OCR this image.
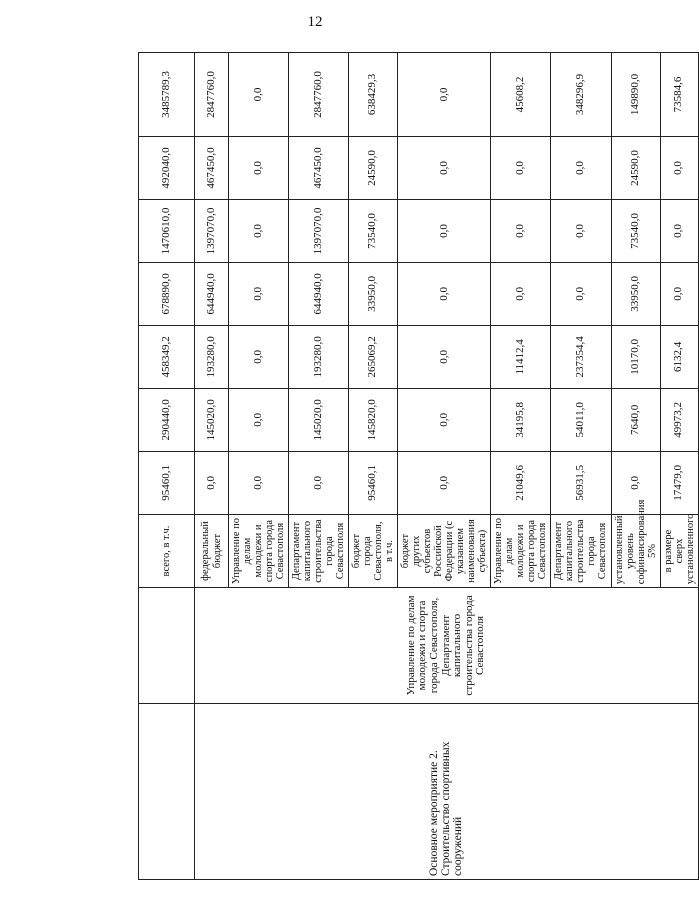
12
		всего, в т.ч.	95460,1	290440,0	458349,2	678890,0	1470610,0	492040,0	3485789,3
Основное мероприятие 2. Строительство спортивных сооружений	Управление по делам молодежи и спорта города Севастополя, Департамент капитального строительства города Севастополя	федеральный бюджет	0,0	145020,0	193280,0	644940,0	1397070,0	467450,0	2847760,0
		Управление по делам молодежи и спорта города Севастополя	0,0	0,0	0,0	0,0	0,0	0,0	0,0
		Департамент капитального строительства города Севастополя	0,0	145020,0	193280,0	644940,0	1397070,0	467450,0	2847760,0
		бюджет города Севастополя, в т.ч.	95460,1	145820,0	265069,2	33950,0	73540,0	24590,0	638429,3
		бюджет других субъектов Российской Федерации (с указанием наименования субъекта)	0,0	0,0	0,0	0,0	0,0	0,0	0,0
		Управление по делам молодежи и спорта города Севастополя	21049,6	34195,8	11412,4	0,0	0,0	0,0	45608,2
		Департамент капитального строительства города Севастополя	56931,5	54011,0	237354,4	0,0	0,0	0,0	348296,9
		установленный уровень софинансирования 5%	0,0	7640,0	10170,0	33950,0	73540,0	24590,0	149890,0
		в размере сверх установленного	17479,0	49973,2	6132,4	0,0	0,0	0,0	73584,6
